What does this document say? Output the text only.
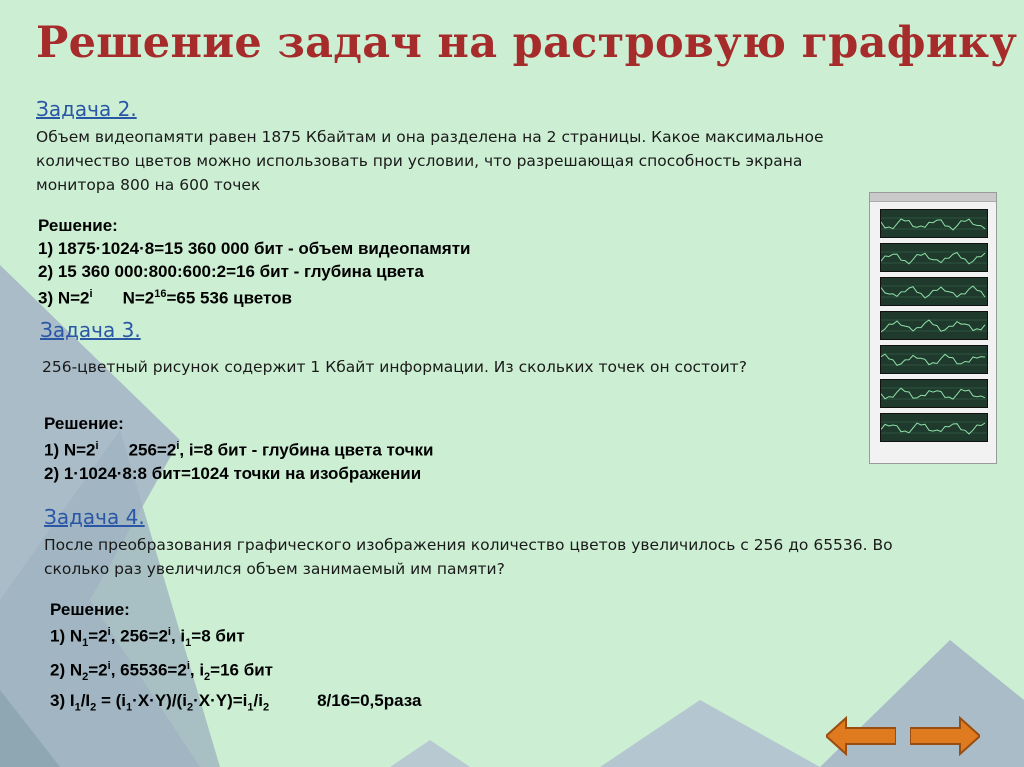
Решение задач на растровую графику
Задача 2.
Объем видеопамяти равен 1875 Кбайтам и она разделена на 2 страницы. Какое максимальное количество цветов можно использовать при условии, что разрешающая способность экрана монитора 800 на 600 точек
Решение:
1) 1875·1024·8=15 360 000 бит - объем видеопамяти
2) 15 360 000:800:600:2=16 бит - глубина цвета
3) $N=2^i$ $N=2^{16}=65$ 536 цветов
Задача 3.
256-цветный рисунок содержит 1 Кбайт информации. Из скольких точек он состоит?
Решение:
1) $N=2^i$ $256=2^i$, i=8 бит - глубина цвета точки
2) 1·1024·8:8 бит=1024 точки на изображении
Задача 4.
После преобразования графического изображения количество цветов увеличилось с 256 до 65536. Во сколько раз увеличился объем занимаемый им памяти?
Решение:
1) $N_1=2^i$, $256=2^i$, $i_1=8$ бит
2) $N_2=2^i$, $65536=2^i$, $i_2=16$ бит
3) $I_1/I_2 = (i_1\cdot X\cdot Y)/(i_2\cdot X\cdot Y)=i_1/i_2$	8/16=0,5раза
